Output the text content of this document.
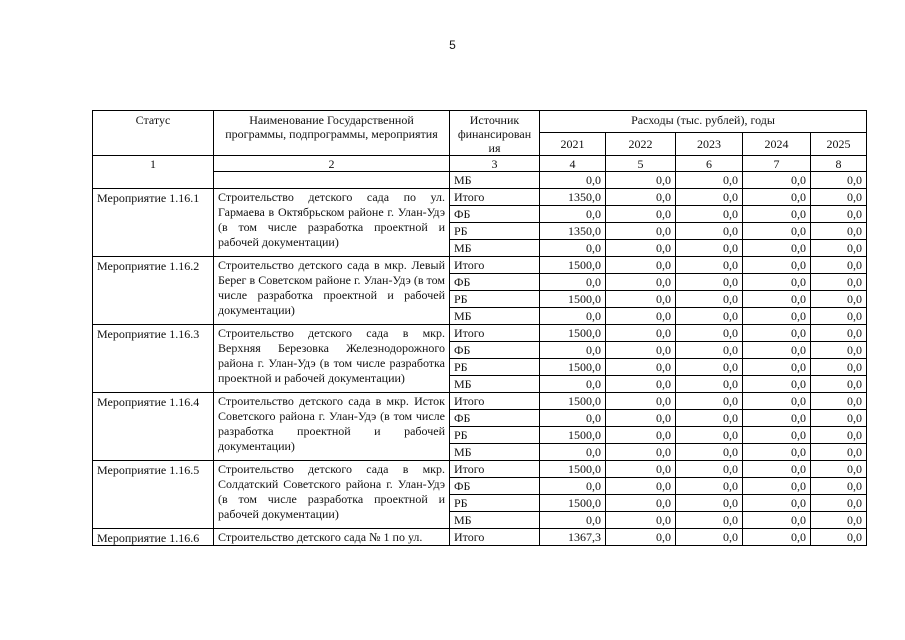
5
Статус	Наименование Государственной программы, подпрограммы, мероприятия	Источник финансирован ия	Расходы (тыс. рублей), годы				
			2021	2022	2023	2024	2025
1	2	3	4	5	6	7	8
		МБ	0,0	0,0	0,0	0,0	0,0
Мероприятие 1.16.1	Строительство детского сада по ул. Гармаева в Октябрьском районе г. Улан-Удэ (в том числе разработка проектной и рабочей документации)	Итого	1350,0	0,0	0,0	0,0	0,0
		ФБ	0,0	0,0	0,0	0,0	0,0
		РБ	1350,0	0,0	0,0	0,0	0,0
		МБ	0,0	0,0	0,0	0,0	0,0
Мероприятие 1.16.2	Строительство детского сада в мкр. Левый Берег в Советском районе г. Улан-Удэ (в том числе разработка проектной и рабочей документации)	Итого	1500,0	0,0	0,0	0,0	0,0
		ФБ	0,0	0,0	0,0	0,0	0,0
		РБ	1500,0	0,0	0,0	0,0	0,0
		МБ	0,0	0,0	0,0	0,0	0,0
Мероприятие 1.16.3	Строительство детского сада в мкр. Верхняя Березовка Железнодорожного района г. Улан-Удэ (в том числе разработка проектной и рабочей документации)	Итого	1500,0	0,0	0,0	0,0	0,0
		ФБ	0,0	0,0	0,0	0,0	0,0
		РБ	1500,0	0,0	0,0	0,0	0,0
		МБ	0,0	0,0	0,0	0,0	0,0
Мероприятие 1.16.4	Строительство детского сада в мкр. Исток Советского района г. Улан-Удэ (в том числе разработка проектной и рабочей документации)	Итого	1500,0	0,0	0,0	0,0	0,0
		ФБ	0,0	0,0	0,0	0,0	0,0
		РБ	1500,0	0,0	0,0	0,0	0,0
		МБ	0,0	0,0	0,0	0,0	0,0
Мероприятие 1.16.5	Строительство детского сада в мкр. Солдатский Советского района г. Улан-Удэ (в том числе разработка проектной и рабочей документации)	Итого	1500,0	0,0	0,0	0,0	0,0
		ФБ	0,0	0,0	0,0	0,0	0,0
		РБ	1500,0	0,0	0,0	0,0	0,0
		МБ	0,0	0,0	0,0	0,0	0,0
Мероприятие 1.16.6	Строительство детского сада № 1 по ул.	Итого	1367,3	0,0	0,0	0,0	0,0
